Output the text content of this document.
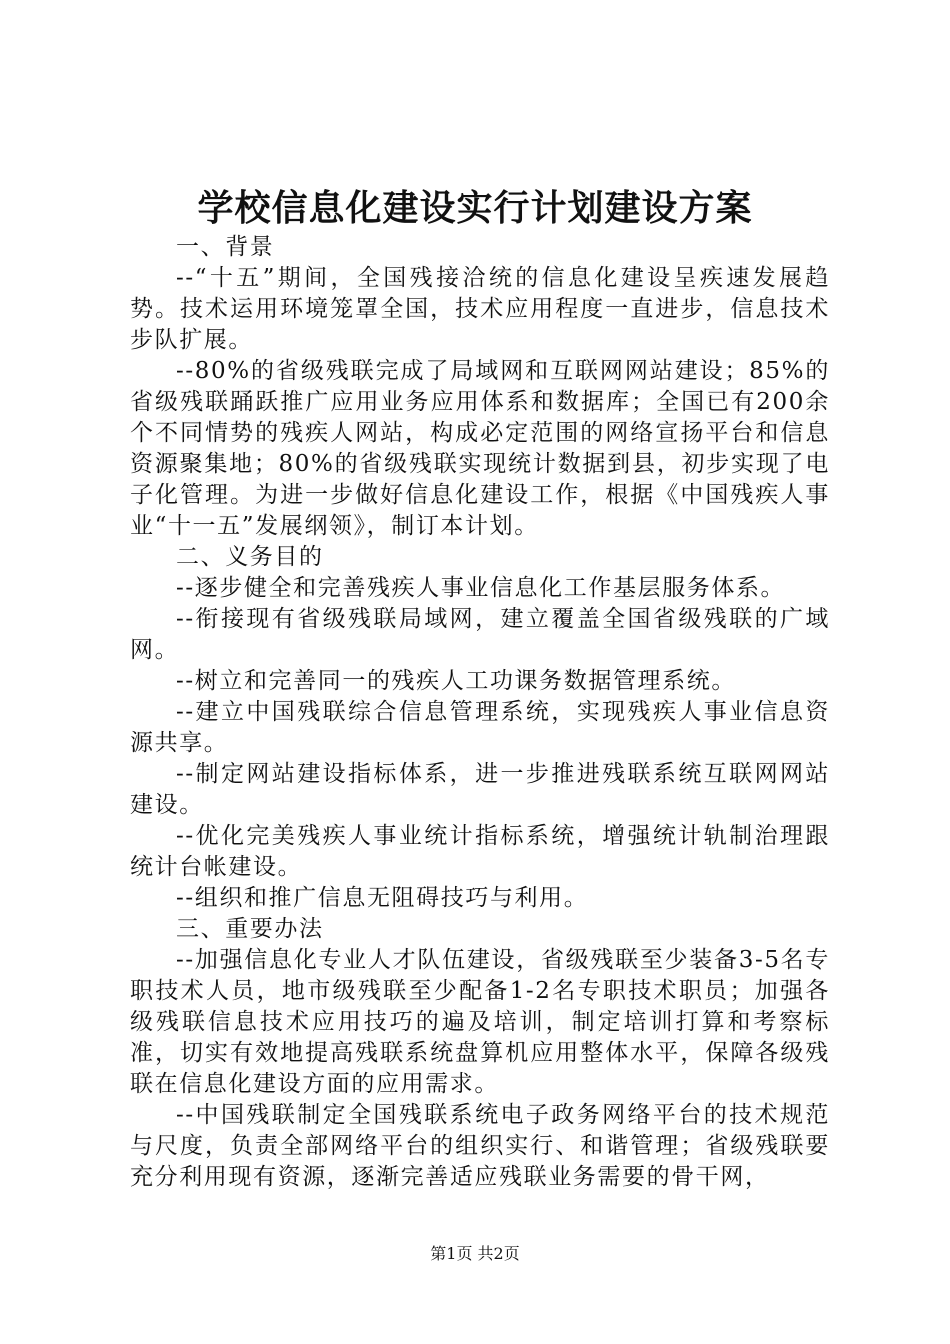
学校信息化建设实行计划建设方案

一、背景

--“十五”期间，全国残接洽统的信息化建设呈疾速发展趋势。技术运用环境笼罩全国，技术应用程度一直进步，信息技术步队扩展。

--80%的省级残联完成了局域网和互联网网站建设；85%的省级残联踊跃推广应用业务应用体系和数据库；全国已有200余个不同情势的残疾人网站，构成必定范围的网络宣扬平台和信息资源聚集地；80%的省级残联实现统计数据到县，初步实现了电子化管理。为进一步做好信息化建设工作，根据《中国残疾人事业“十一五”发展纲领》，制订本计划。

二、义务目的

--逐步健全和完善残疾人事业信息化工作基层服务体系。

--衔接现有省级残联局域网，建立覆盖全国省级残联的广域网。

--树立和完善同一的残疾人工功课务数据管理系统。

--建立中国残联综合信息管理系统，实现残疾人事业信息资源共享。

--制定网站建设指标体系，进一步推进残联系统互联网网站建设。

--优化完美残疾人事业统计指标系统，增强统计轨制治理跟统计台帐建设。

--组织和推广信息无阻碍技巧与利用。

三、重要办法

--加强信息化专业人才队伍建设，省级残联至少装备3-5名专职技术人员，地市级残联至少配备1-2名专职技术职员；加强各级残联信息技术应用技巧的遍及培训，制定培训打算和考察标准，切实有效地提高残联系统盘算机应用整体水平，保障各级残联在信息化建设方面的应用需求。

--中国残联制定全国残联系统电子政务网络平台的技术规范与尺度，负责全部网络平台的组织实行、和谐管理；省级残联要充分利用现有资源，逐渐完善适应残联业务需要的骨干网，

第1页 共2页
